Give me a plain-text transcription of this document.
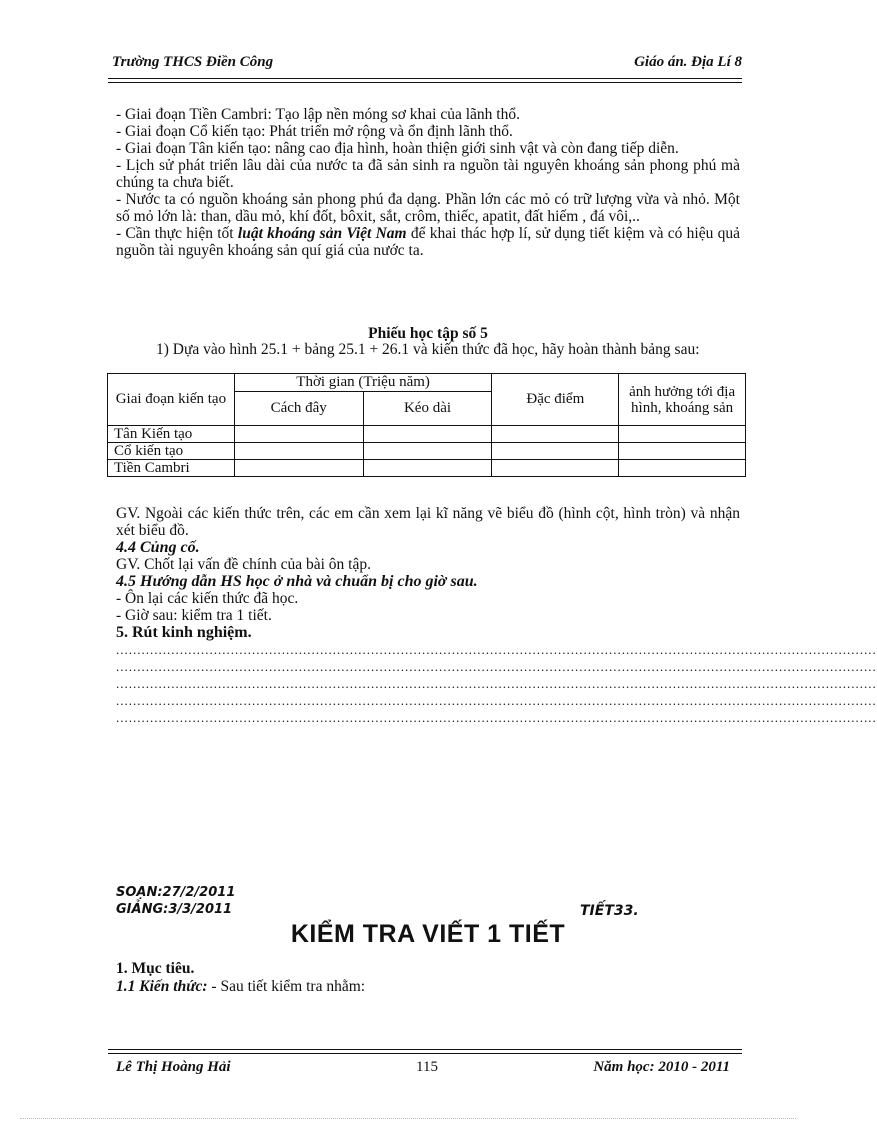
Trường THCS Điền Công	Giáo án. Địa Lí 8

- Giai đoạn Tiền Cambri: Tạo lập nền móng sơ khai của lãnh thổ.

- Giai đoạn Cổ kiến tạo: Phát triển mở rộng và ổn định lãnh thổ.

- Giai đoạn Tân kiến tạo: nâng cao địa hình, hoàn thiện giới sinh vật và còn đang tiếp diễn.

- Lịch sử phát triển lâu dài của nước ta đã sản sinh ra nguồn tài nguyên khoáng sản phong phú mà chúng ta chưa biết.

- Nước ta có nguồn khoáng sản phong phú đa dạng. Phần lớn các mỏ có trữ lượng vừa và nhỏ. Một số mỏ lớn là: than, dầu mỏ, khí đốt, bôxit, sắt, crôm, thiếc, apatit, đất hiếm , đá vôi,..

- Cần thực hiện tốt luật khoáng sản Việt Nam để khai thác hợp lí, sử dụng tiết kiệm và có hiệu quả nguồn tài nguyên khoáng sản quí giá của nước ta.

Phiếu học tập số 5
1) Dựa vào hình 25.1 + bảng 25.1 + 26.1 và kiến thức đã học, hãy hoàn thành bảng sau:
Giai đoạn kiến tạo	Thời gian (Triệu năm)		Đặc điểm	ảnh hưởng tới địa hình, khoáng sản
	Cách đây	Kéo dài		
Tân Kiến tạo				
Cổ kiến tạo				
Tiền Cambri				
GV. Ngoài các kiến thức trên, các em cần xem lại kĩ năng vẽ biểu đồ (hình cột, hình tròn) và nhận xét biểu đồ.
4.4 Củng cố.
GV. Chốt lại vấn đề chính của bài ôn tập.
4.5 Hướng dẫn HS học ở nhà và chuẩn bị cho giờ sau.
- Ôn lại các kiến thức đã học.
- Giờ sau: kiểm tra 1 tiết.
5. Rút kinh nghiệm.
...................................................................................................................................................................................
...................................................................................................................................................................................
...................................................................................................................................................................................
...................................................................................................................................................................................
...................................................................................................................................................................................
SOẠN:27/2/2011
GIẢNG:3/3/2011	TIẾT33.
KIỂM TRA VIẾT 1 TIẾT
1. Mục tiêu.
1.1 Kiến thức: - Sau tiết kiểm tra nhằm:
Lê Thị Hoàng Hải	115	Năm học: 2010 - 2011
